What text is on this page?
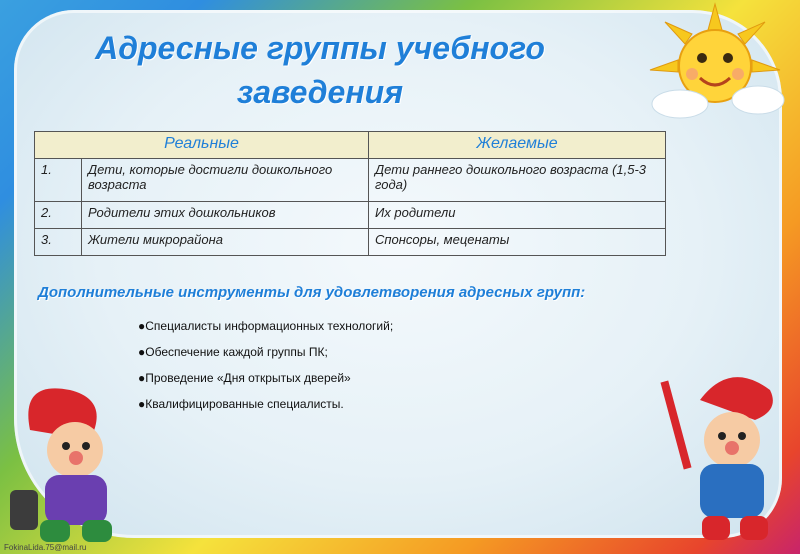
Адресные группы учебного заведения
Реальные		Желаемые
1.	Дети, которые достигли дошкольного возраста	Дети раннего дошкольного возраста (1,5-3 года)
2.	Родители этих дошкольников	Их родители
3.	Жители микрорайона	Спонсоры, меценаты
Дополнительные инструменты для удовлетворения адресных групп:
●Специалисты информационных технологий;
●Обеспечение каждой группы ПК;
●Проведение «Дня открытых дверей»
●Квалифицированные специалисты.
FokinaLida.75@mail.ru
